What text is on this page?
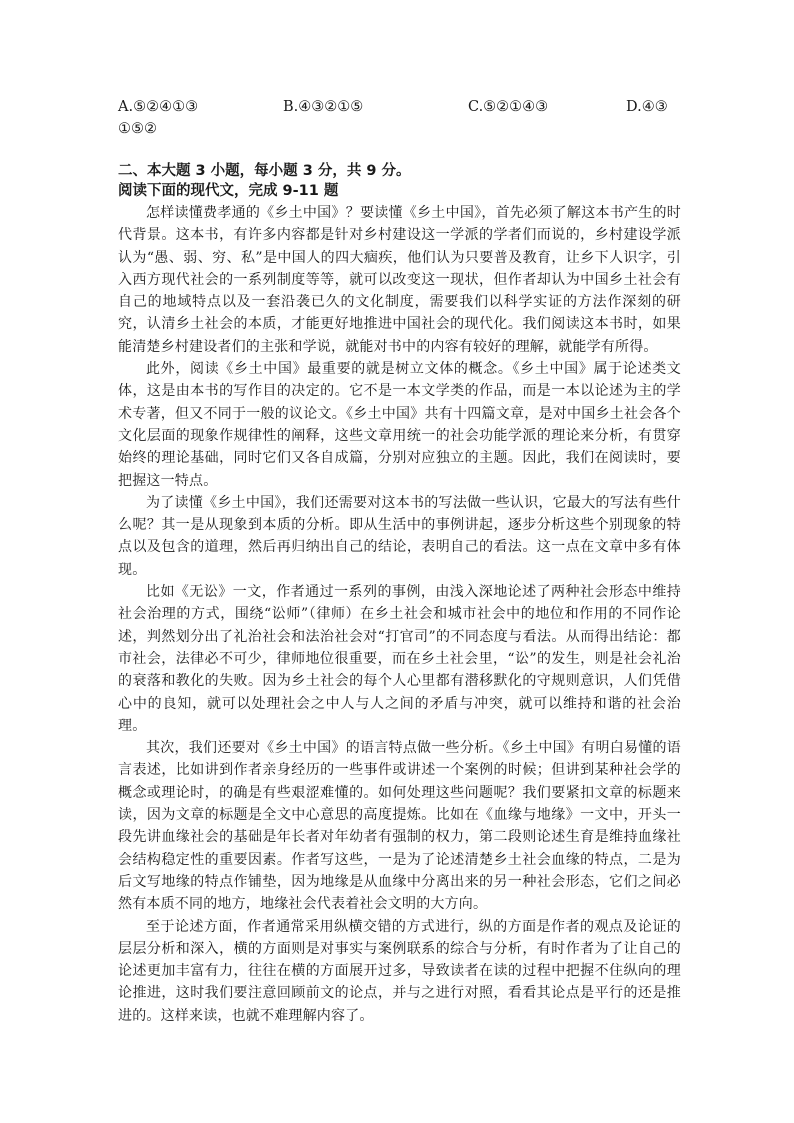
A.⑤②④①③	B.④③②①⑤	C.⑤②①④③	D.④③
①⑤②
二、本大题 3 小题，每小题 3 分，共 9 分。
阅读下面的现代文，完成 9-11 题

怎样读懂费孝通的《乡土中国》？要读懂《乡土中国》，首先必须了解这本书产生的时代背景。这本书，有许多内容都是针对乡村建设这一学派的学者们而说的，乡村建设学派认为“愚、弱、穷、私”是中国人的四大痼疾，他们认为只要普及教育，让乡下人识字，引入西方现代社会的一系列制度等等，就可以改变这一现状，但作者却认为中国乡土社会有自己的地域特点以及一套沿袭已久的文化制度，需要我们以科学实证的方法作深刻的研究，认清乡土社会的本质，才能更好地推进中国社会的现代化。我们阅读这本书时，如果能清楚乡村建设者们的主张和学说，就能对书中的内容有较好的理解，就能学有所得。

此外，阅读《乡土中国》最重要的就是树立文体的概念。《乡土中国》属于论述类文体，这是由本书的写作目的决定的。它不是一本文学类的作品，而是一本以论述为主的学术专著，但又不同于一般的议论文。《乡土中国》共有十四篇文章，是对中国乡土社会各个文化层面的现象作规律性的阐释，这些文章用统一的社会功能学派的理论来分析，有贯穿始终的理论基础，同时它们又各自成篇，分别对应独立的主题。因此，我们在阅读时，要把握这一特点。

为了读懂《乡土中国》，我们还需要对这本书的写法做一些认识，它最大的写法有些什么呢？其一是从现象到本质的分析。即从生活中的事例讲起，逐步分析这些个别现象的特点以及包含的道理，然后再归纳出自己的结论，表明自己的看法。这一点在文章中多有体现。

比如《无讼》一文，作者通过一系列的事例，由浅入深地论述了两种社会形态中维持社会治理的方式，围绕“讼师”（律师）在乡土社会和城市社会中的地位和作用的不同作论述，判然划分出了礼治社会和法治社会对“打官司”的不同态度与看法。从而得出结论：都市社会，法律必不可少，律师地位很重要，而在乡土社会里，“讼”的发生，则是社会礼治的衰落和教化的失败。因为乡土社会的每个人心里都有潜移默化的守规则意识，人们凭借心中的良知，就可以处理社会之中人与人之间的矛盾与冲突，就可以维持和谐的社会治理。

其次，我们还要对《乡土中国》的语言特点做一些分析。《乡土中国》有明白易懂的语言表述，比如讲到作者亲身经历的一些事件或讲述一个案例的时候；但讲到某种社会学的概念或理论时，的确是有些艰涩难懂的。如何处理这些问题呢？我们要紧扣文章的标题来读，因为文章的标题是全文中心意思的高度提炼。比如在《血缘与地缘》一文中，开头一段先讲血缘社会的基础是年长者对年幼者有强制的权力，第二段则论述生育是维持血缘社会结构稳定性的重要因素。作者写这些，一是为了论述清楚乡土社会血缘的特点，二是为后文写地缘的特点作铺垫，因为地缘是从血缘中分离出来的另一种社会形态，它们之间必然有本质不同的地方，地缘社会代表着社会文明的大方向。

至于论述方面，作者通常采用纵横交错的方式进行，纵的方面是作者的观点及论证的层层分析和深入，横的方面则是对事实与案例联系的综合与分析，有时作者为了让自己的论述更加丰富有力，往往在横的方面展开过多，导致读者在读的过程中把握不住纵向的理论推进，这时我们要注意回顾前文的论点，并与之进行对照，看看其论点是平行的还是推进的。这样来读，也就不难理解内容了。
